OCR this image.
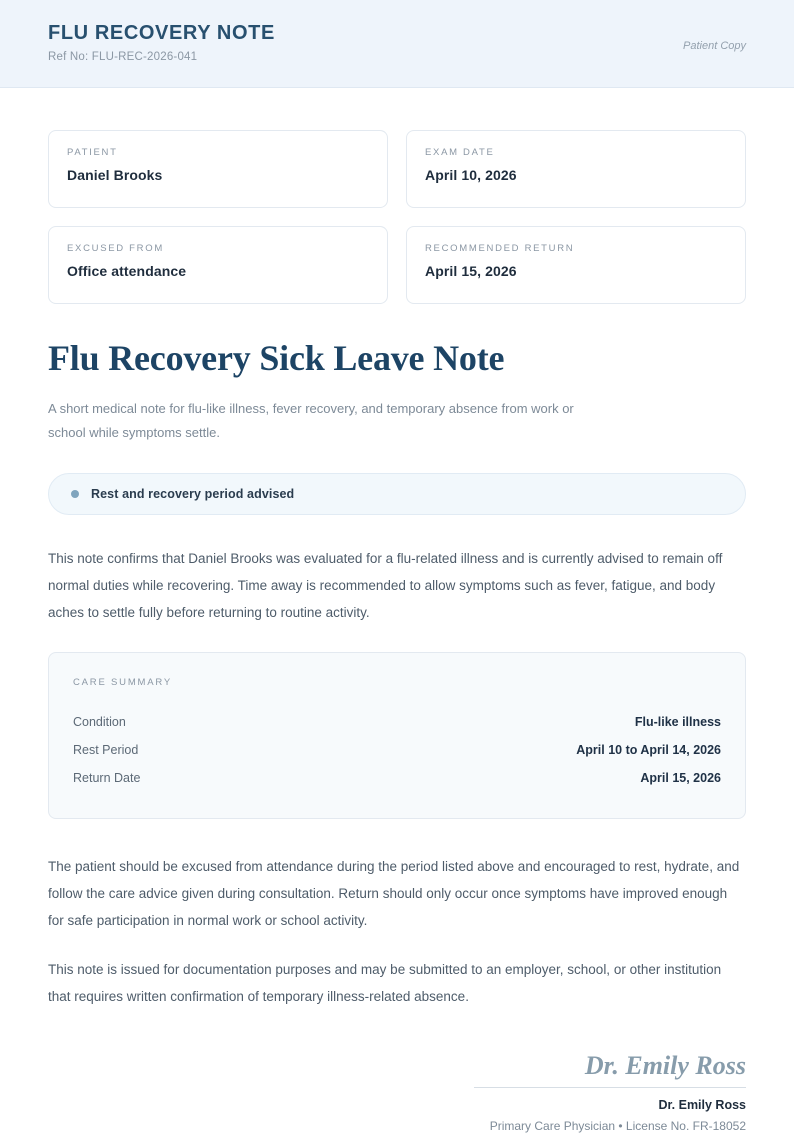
FLU RECOVERY NOTE
Ref No: FLU-REC-2026-041
Patient Copy
PATIENT
Daniel Brooks
EXAM DATE
April 10, 2026
EXCUSED FROM
Office attendance
RECOMMENDED RETURN
April 15, 2026
Flu Recovery Sick Leave Note

A short medical note for flu-like illness, fever recovery, and temporary absence from work or school while symptoms settle.

Rest and recovery period advised

This note confirms that Daniel Brooks was evaluated for a flu-related illness and is currently advised to remain off normal duties while recovering. Time away is recommended to allow symptoms such as fever, fatigue, and body aches to settle fully before returning to routine activity.

CARE SUMMARY
Condition	Flu-like illness
Rest Period	April 10 to April 14, 2026
Return Date	April 15, 2026

The patient should be excused from attendance during the period listed above and encouraged to rest, hydrate, and follow the care advice given during consultation. Return should only occur once symptoms have improved enough for safe participation in normal work or school activity.

This note is issued for documentation purposes and may be submitted to an employer, school, or other institution that requires written confirmation of temporary illness-related absence.

Dr. Emily Ross
Dr. Emily Ross
Primary Care Physician • License No. FR-18052
